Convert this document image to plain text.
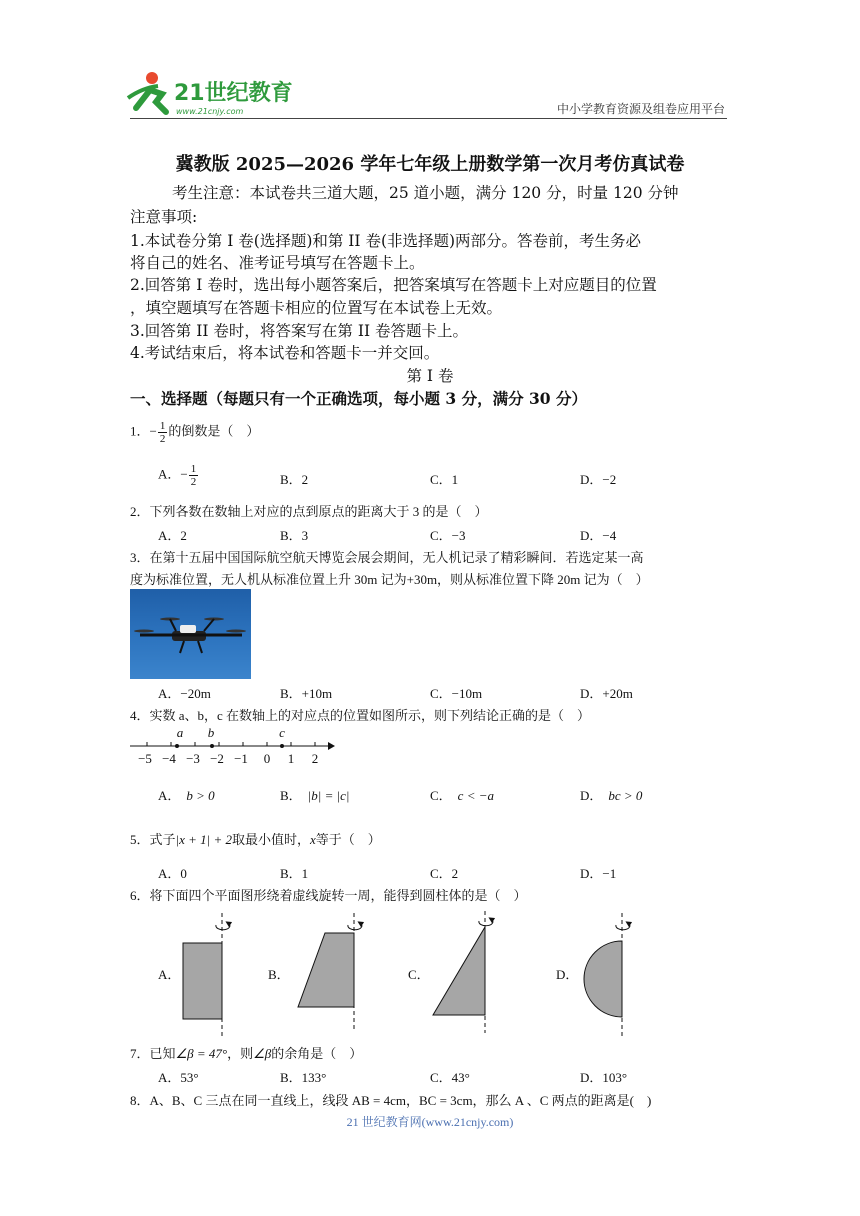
21世纪教育
www.21cnjy.com	中小学教育资源及组卷应用平台
冀教版 2025—2026 学年七年级上册数学第一次月考仿真试卷
考生注意：本试卷共三道大题，25 道小题，满分 120 分，时量 120 分钟
注意事项:
1.本试卷分第 I 卷(选择题)和第 II 卷(非选择题)两部分。答卷前，考生务必
将自己的姓名、准考证号填写在答题卡上。
2.回答第 I 卷时，选出每小题答案后，把答案填写在答题卡上对应题目的位置
，填空题填写在答题卡相应的位置写在本试卷上无效。
3.回答第 II 卷时，将答案写在第 II 卷答题卡上。
4.考试结束后，将本试卷和答题卡一并交回。
第 I 卷
一、选择题（每题只有一个正确选项，每小题 3 分，满分 30 分）
1．− $\frac{1}{2}$ 的倒数是（　）
A．− $\frac{1}{2}$	B．2	C．1	D．−2
2．下列各数在数轴上对应的点到原点的距离大于 3 的是（　）
A．2	B．3	C．−3	D．−4
3．在第十五届中国国际航空航天博览会展会期间，无人机记录了精彩瞬间．若选定某一高
度为标准位置，无人机从标准位置上升 30m 记为+30m，则从标准位置下降 20m 记为（　）
A．−20m	B．+10m	C．−10m	D．+20m
4．实数 a、b，c 在数轴上的对应点的位置如图所示，则下列结论正确的是（　）
a b	c
−5 −4 −3 −2 −1 0 1 2
A． b > 0	B． |b| = |c|	C． c < −a	D． bc > 0
5．式子|x + 1| + 2取最小值时，x等于（　）
A．0	B．1	C．2	D．−1
6．将下面四个平面图形绕着虚线旋转一周，能得到圆柱体的是（　）
A．	B．	C．	D．
7．已知∠β = 47°，则∠β的余角是（　）
A．53°	B．133°	C．43°	D．103°
8．A、B、C 三点在同一直线上，线段 AB = 4cm，BC = 3cm，那么 A 、C 两点的距离是(　)
21 世纪教育网(www.21cnjy.com)
